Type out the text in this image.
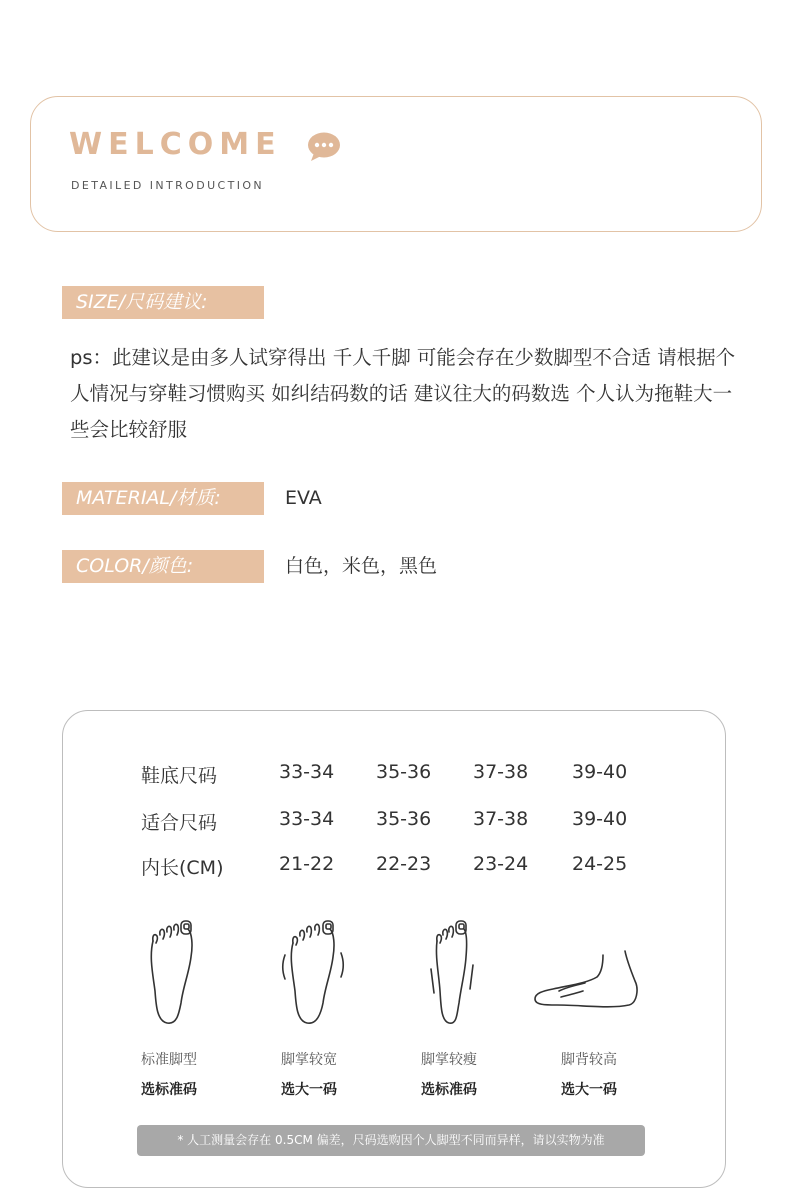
WELCOME
DETAILED INTRODUCTION
SIZE/尺码建议:
ps：此建议是由多人试穿得出 千人千脚 可能会存在少数脚型不合适 请根据个人情况与穿鞋习惯购买 如纠结码数的话 建议往大的码数选 个人认为拖鞋大一些会比较舒服
MATERIAL/材质:	EVA
COLOR/颜色:	白色，米色，黑色
鞋底尺码	33-34 35-36 37-38 39-40
适合尺码	33-34 35-36 37-38 39-40
内长(CM)	21-22 22-23 23-24 24-25
标准脚型
选标准码
脚掌较宽
选大一码
脚掌较瘦
选标准码
脚背较高
选大一码
* 人工测量会存在 0.5CM 偏差，尺码选购因个人脚型不同而异样，请以实物为准
